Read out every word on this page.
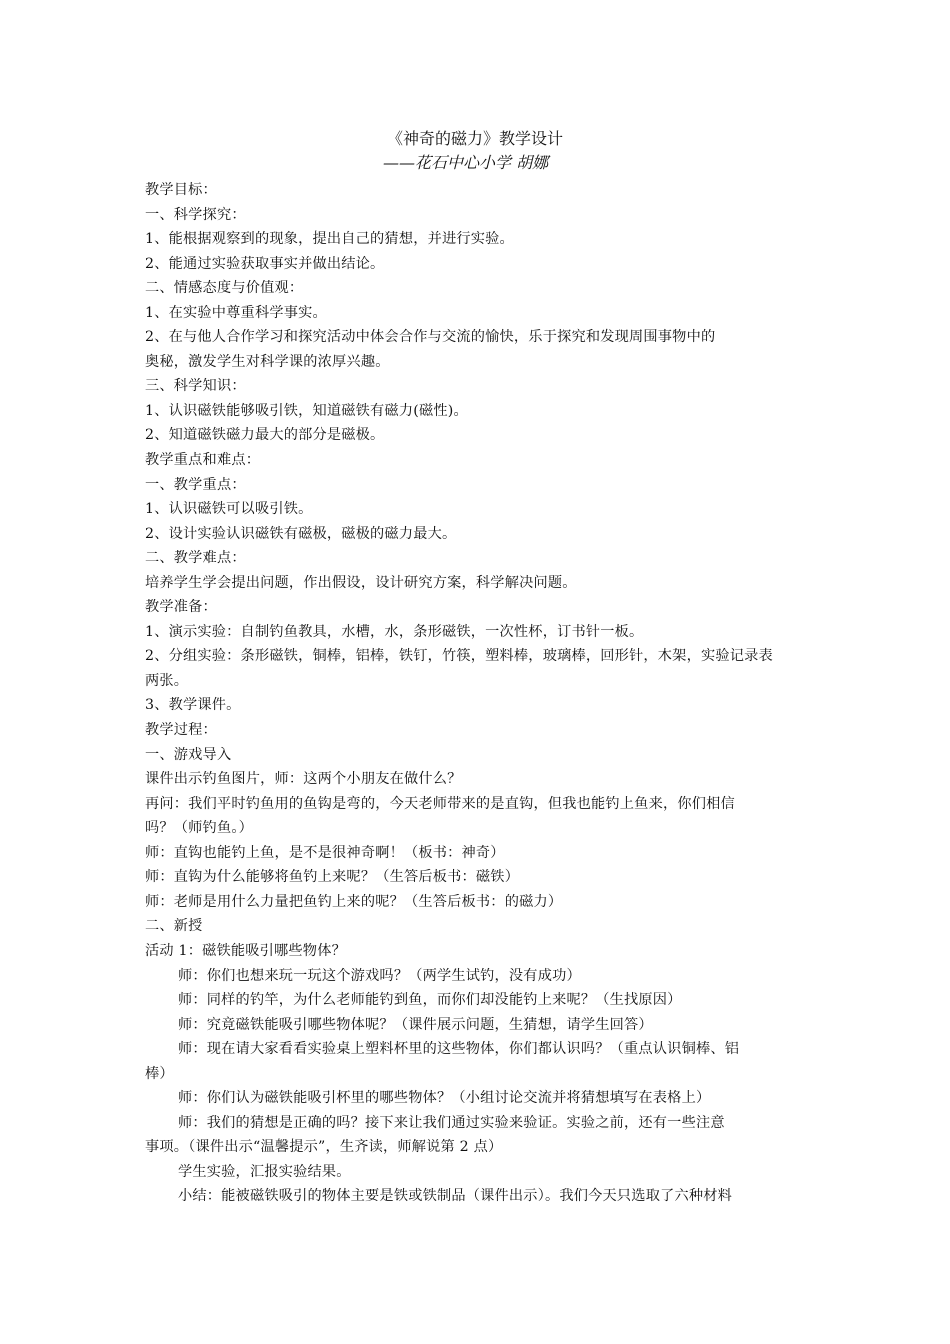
《神奇的磁力》教学设计
——花石中心小学 胡娜
教学目标：
一、科学探究：
1、能根据观察到的现象，提出自己的猜想，并进行实验。
2、能通过实验获取事实并做出结论。
二、情感态度与价值观：
1、在实验中尊重科学事实。
2、在与他人合作学习和探究活动中体会合作与交流的愉快，乐于探究和发现周围事物中的
奥秘，激发学生对科学课的浓厚兴趣。
三、科学知识：
1、认识磁铁能够吸引铁，知道磁铁有磁力(磁性)。
2、知道磁铁磁力最大的部分是磁极。
教学重点和难点：
一、教学重点：
1、认识磁铁可以吸引铁。
2、设计实验认识磁铁有磁极，磁极的磁力最大。
二、教学难点：
培养学生学会提出问题，作出假设，设计研究方案，科学解决问题。
教学准备：
1、演示实验：自制钓鱼教具，水槽，水，条形磁铁，一次性杯，订书针一板。
2、分组实验：条形磁铁，铜棒，铝棒，铁钉，竹筷，塑料棒，玻璃棒，回形针，木架，实验记录表
两张。
3、教学课件。
教学过程：
一、游戏导入
课件出示钓鱼图片，师：这两个小朋友在做什么？
再问：我们平时钓鱼用的鱼钩是弯的，今天老师带来的是直钩，但我也能钓上鱼来，你们相信
吗？（师钓鱼。）
师：直钩也能钓上鱼，是不是很神奇啊！（板书：神奇）
师：直钩为什么能够将鱼钓上来呢？（生答后板书：磁铁）
师：老师是用什么力量把鱼钓上来的呢？（生答后板书：的磁力）
二、新授
活动 1：磁铁能吸引哪些物体？
师：你们也想来玩一玩这个游戏吗？（两学生试钓，没有成功）
师：同样的钓竿，为什么老师能钓到鱼，而你们却没能钓上来呢？（生找原因）
师：究竟磁铁能吸引哪些物体呢？（课件展示问题，生猜想，请学生回答）
师：现在请大家看看实验桌上塑料杯里的这些物体，你们都认识吗？（重点认识铜棒、铝
棒）
师：你们认为磁铁能吸引杯里的哪些物体？（小组讨论交流并将猜想填写在表格上）
师：我们的猜想是正确的吗？接下来让我们通过实验来验证。实验之前，还有一些注意
事项。（课件出示“温馨提示”，生齐读，师解说第 2 点）
学生实验，汇报实验结果。
小结：能被磁铁吸引的物体主要是铁或铁制品（课件出示）。我们今天只选取了六种材料
